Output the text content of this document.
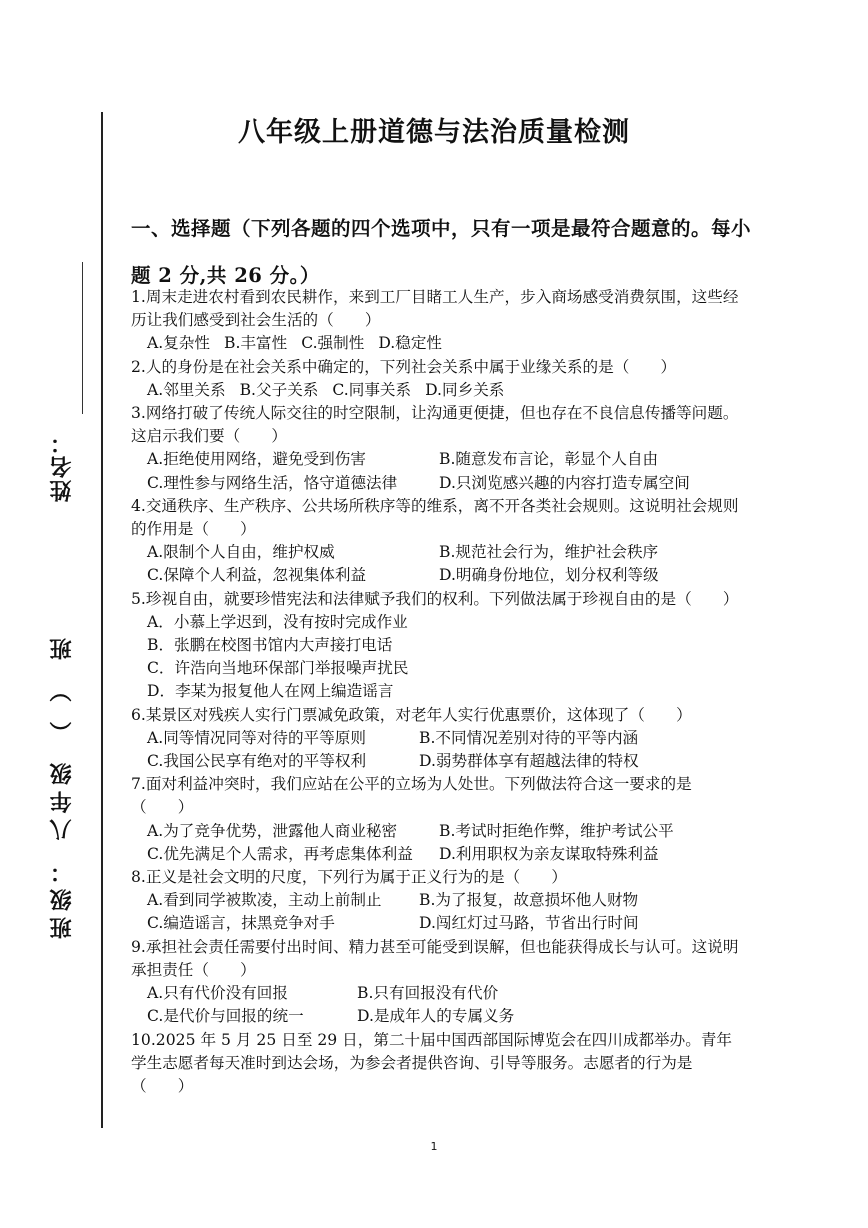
姓名：
班级： 八年级 （ ） 班
八年级上册道德与法治质量检测
一、选择题（下列各题的四个选项中，只有一项是最符合题意的。每小题 2 分,共 26 分。）

1.周末走进农村看到农民耕作，来到工厂目睹工人生产，步入商场感受消费氛围，这些经历让我们感受到社会生活的（　　）

A.复杂性 B.丰富性 C.强制性 D.稳定性

2.人的身份是在社会关系中确定的，下列社会关系中属于业缘关系的是（　　）

A.邻里关系 B.父子关系 C.同事关系 D.同乡关系

3.网络打破了传统人际交往的时空限制，让沟通更便捷，但也存在不良信息传播等问题。这启示我们要（　　）

A.拒绝使用网络，避免受到伤害	B.随意发布言论，彰显个人自由
C.理性参与网络生活，恪守道德法律	D.只浏览感兴趣的内容打造专属空间

4.交通秩序、生产秩序、公共场所秩序等的维系，离不开各类社会规则。这说明社会规则的作用是（　　）

A.限制个人自由，维护权威	B.规范社会行为，维护社会秩序
C.保障个人利益，忽视集体利益	D.明确身份地位，划分权利等级

5.珍视自由，就要珍惜宪法和法律赋予我们的权利。下列做法属于珍视自由的是（　　）

A．小慕上学迟到，没有按时完成作业
B．张鹏在校图书馆内大声接打电话
C．许浩向当地环保部门举报噪声扰民
D．李某为报复他人在网上编造谣言

6.某景区对残疾人实行门票减免政策，对老年人实行优惠票价，这体现了（　　）

A.同等情况同等对待的平等原则	B.不同情况差别对待的平等内涵
C.我国公民享有绝对的平等权利	D.弱势群体享有超越法律的特权

7.面对利益冲突时，我们应站在公平的立场为人处世。下列做法符合这一要求的是（　　）

A.为了竞争优势，泄露他人商业秘密	B.考试时拒绝作弊，维护考试公平
C.优先满足个人需求，再考虑集体利益	D.利用职权为亲友谋取特殊利益

8.正义是社会文明的尺度，下列行为属于正义行为的是（　　）

A.看到同学被欺凌，主动上前制止	B.为了报复，故意损坏他人财物
C.编造谣言，抹黑竞争对手	D.闯红灯过马路，节省出行时间

9.承担社会责任需要付出时间、精力甚至可能受到误解，但也能获得成长与认可。这说明承担责任（　　）

A.只有代价没有回报	B.只有回报没有代价
C.是代价与回报的统一	D.是成年人的专属义务

10.2025 年 5 月 25 日至 29 日，第二十届中国西部国际博览会在四川成都举办。青年学生志愿者每天准时到达会场，为参会者提供咨询、引导等服务。志愿者的行为是（　　）

1
